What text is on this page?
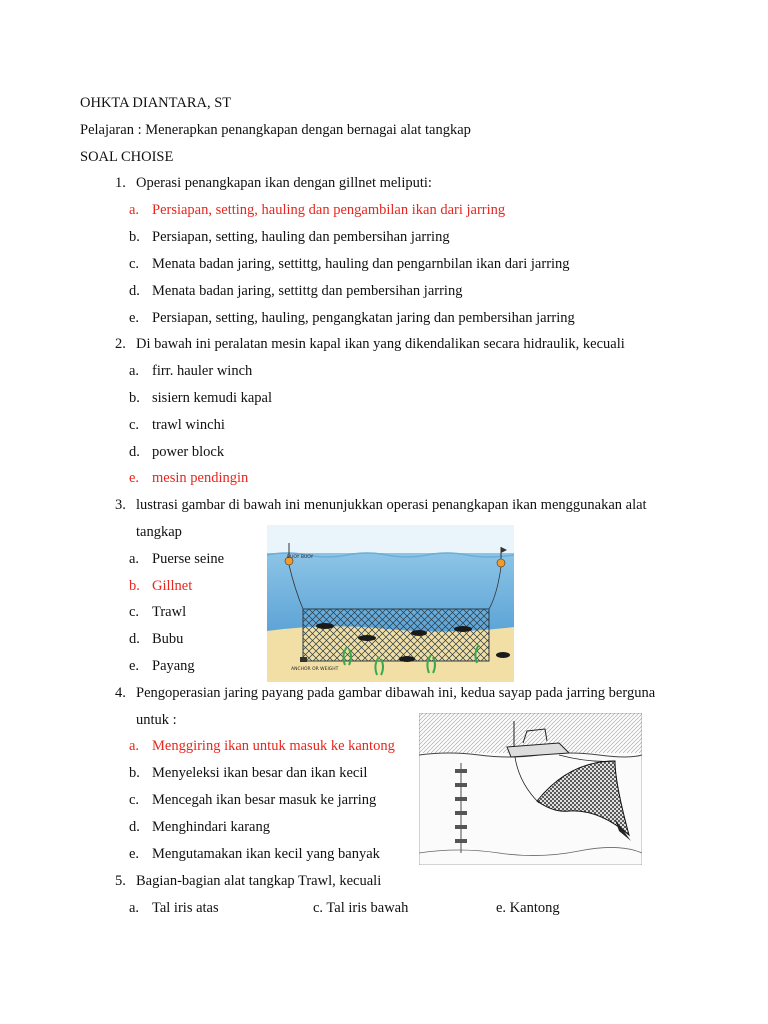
OHKTA DIANTARA, ST
Pelajaran : Menerapkan penangkapan dengan bernagai alat tangkap
SOAL CHOISE
1. Operasi penangkapan ikan dengan gillnet meliputi:
a. Persiapan, setting, hauling dan pengambilan ikan dari jarring
b. Persiapan, setting, hauling dan pembersihan jarring
c. Menata badan jaring, settittg, hauling dan pengarnbilan ikan dari jarring
d. Menata badan jaring, settittg dan pembersihan jarring
e. Persiapan, setting, hauling, pengangkatan jaring dan pembersihan jarring
2. Di bawah ini peralatan mesin kapal ikan yang dikendalikan secara hidraulik, kecuali
a. firr. hauler winch
b. sisiern kemudi kapal
c. trawl winchi
d. power block
e. mesin pendingin
3. lustrasi gambar di bawah ini menunjukkan operasi penangkapan ikan menggunakan alat
tangkap
a. Puerse seine
b. Gillnet
c. Trawl
d. Bubu
e. Payang
BUOY BUOY
ANCHOR OR WEIGHT
4. Pengoperasian jaring payang pada gambar dibawah ini, kedua sayap pada jarring berguna
untuk :
a. Menggiring ikan untuk masuk ke kantong
b. Menyeleksi ikan besar dan ikan kecil
c. Mencegah ikan besar masuk ke jarring
d. Menghindari karang
e. Mengutamakan ikan kecil yang banyak
5. Bagian-bagian alat tangkap Trawl, kecuali
a. Tal iris atas	c. Tal iris bawah	e. Kantong
